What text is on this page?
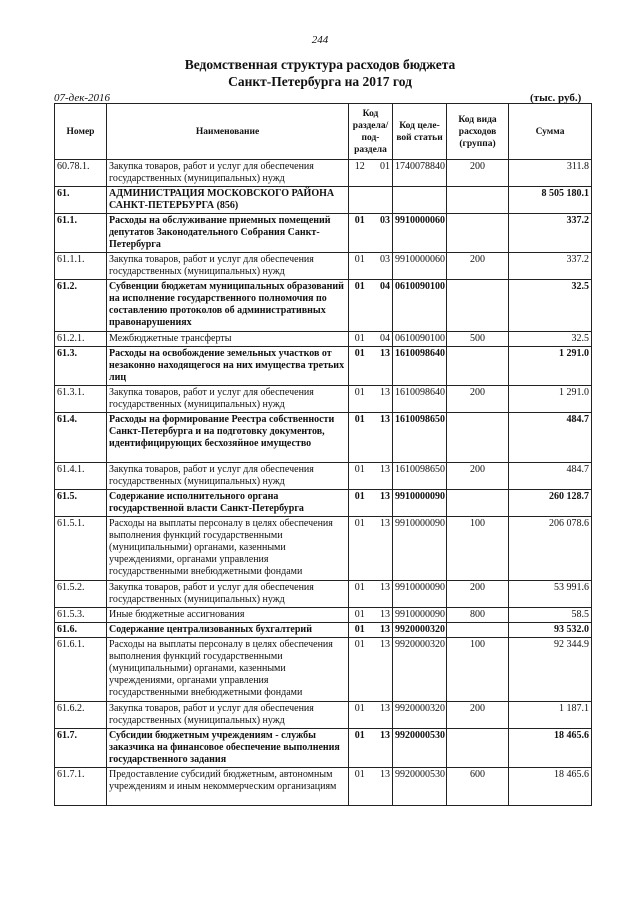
244
Ведомственная структура расходов бюджета
Санкт-Петербурга на 2017 год
07-дек-2016	(тыс. руб.)
Номер	Наименование	Код раздела/ под- раздела		Код целе- вой статьи	Код вида расходов (группа)	Сумма
60.78.1.	Закупка товаров, работ и услуг для обеспечения государственных (муниципальных) нужд	12	01	1740078840	200	311.8
61.	АДМИНИСТРАЦИЯ МОСКОВСКОГО РАЙОНА САНКТ-ПЕТЕРБУРГА (856)					8 505 180.1
61.1.	Расходы на обслуживание приемных помещений депутатов Законодательного Собрания Санкт-Петербурга	01	03	9910000060		337.2
61.1.1.	Закупка товаров, работ и услуг для обеспечения государственных (муниципальных) нужд	01	03	9910000060	200	337.2
61.2.	Субвенции бюджетам муниципальных образований на исполнение государственного полномочия по составлению протоколов об административных правонарушениях	01	04	0610090100		32.5
61.2.1.	Межбюджетные трансферты	01	04	0610090100	500	32.5
61.3.	Расходы на освобождение земельных участков от незаконно находящегося на них имущества третьих лиц	01	13	1610098640		1 291.0
61.3.1.	Закупка товаров, работ и услуг для обеспечения государственных (муниципальных) нужд	01	13	1610098640	200	1 291.0
61.4.	Расходы на формирование Реестра собственности Санкт-Петербурга и на подготовку документов, идентифицирующих бесхозяйное имущество	01	13	1610098650		484.7
61.4.1.	Закупка товаров, работ и услуг для обеспечения государственных (муниципальных) нужд	01	13	1610098650	200	484.7
61.5.	Содержание исполнительного органа государственной власти Санкт-Петербурга	01	13	9910000090		260 128.7
61.5.1.	Расходы на выплаты персоналу в целях обеспечения выполнения функций государственными (муниципальными) органами, казенными учреждениями, органами управления государственными внебюджетными фондами	01	13	9910000090	100	206 078.6
61.5.2.	Закупка товаров, работ и услуг для обеспечения государственных (муниципальных) нужд	01	13	9910000090	200	53 991.6
61.5.3.	Иные бюджетные ассигнования	01	13	9910000090	800	58.5
61.6.	Содержание централизованных бухгалтерий	01	13	9920000320		93 532.0
61.6.1.	Расходы на выплаты персоналу в целях обеспечения выполнения функций государственными (муниципальными) органами, казенными учреждениями, органами управления государственными внебюджетными фондами	01	13	9920000320	100	92 344.9
61.6.2.	Закупка товаров, работ и услуг для обеспечения государственных (муниципальных) нужд	01	13	9920000320	200	1 187.1
61.7.	Субсидии бюджетным учреждениям - службы заказчика на финансовое обеспечение выполнения государственного задания	01	13	9920000530		18 465.6
61.7.1.	Предоставление субсидий бюджетным, автономным учреждениям и иным некоммерческим организациям	01	13	9920000530	600	18 465.6
